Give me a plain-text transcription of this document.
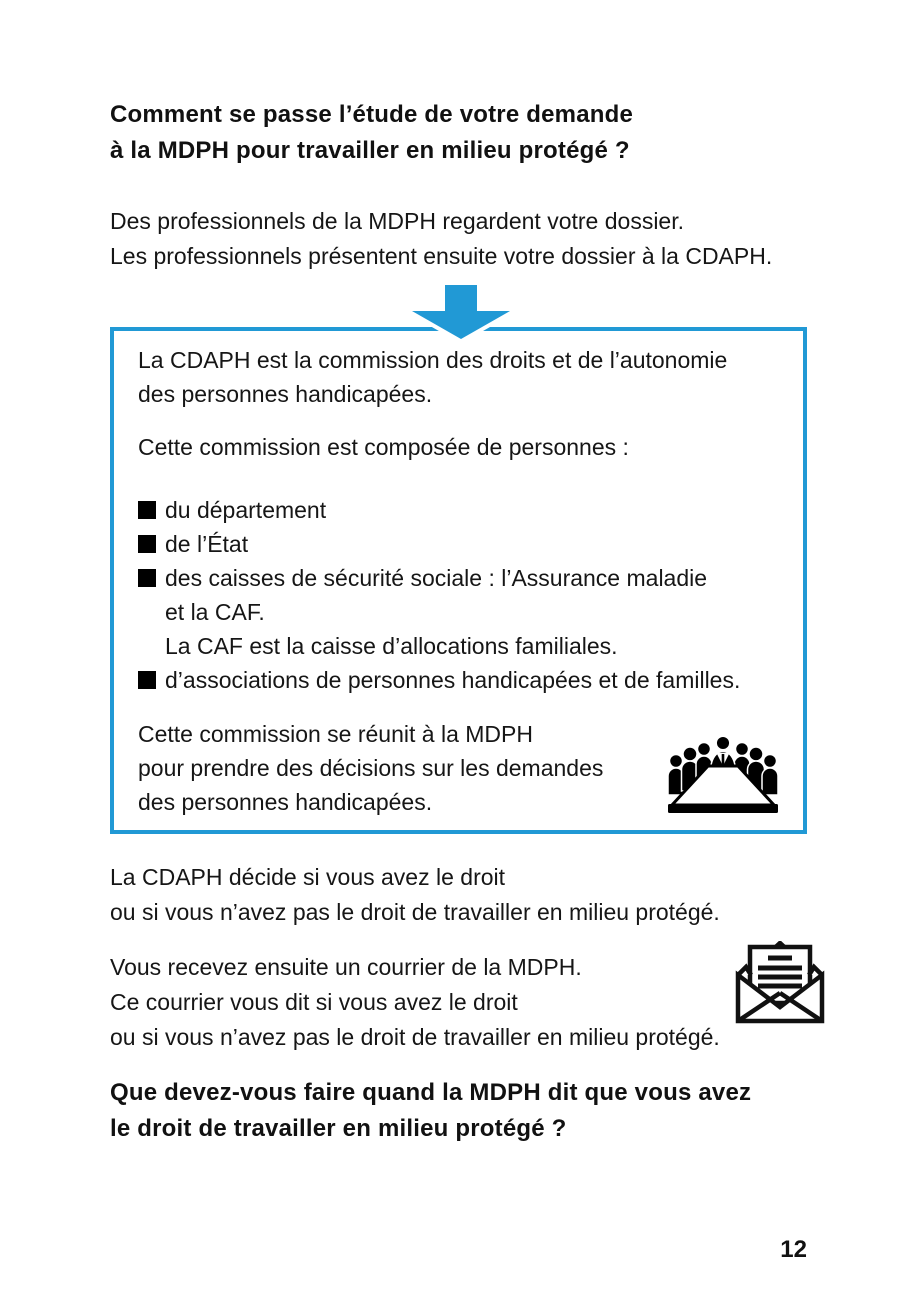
Comment se passe l’étude de votre demande
à la MDPH pour travailler en milieu protégé ?
Des professionnels de la MDPH regardent votre dossier.
Les professionnels présentent ensuite votre dossier à la CDAPH.
La CDAPH est la commission des droits et de l’autonomie
des personnes handicapées.
Cette commission est composée de personnes :
du département
de l’État
des caisses de sécurité sociale : l’Assurance maladie
et la CAF.
La CAF est la caisse d’allocations familiales.
d’associations de personnes handicapées et de familles.
Cette commission se réunit à la MDPH
pour prendre des décisions sur les demandes
des personnes handicapées.
La CDAPH décide si vous avez le droit
ou si vous n’avez pas le droit de travailler en milieu protégé.
Vous recevez ensuite un courrier de la MDPH.
Ce courrier vous dit si vous avez le droit
ou si vous n’avez pas le droit de travailler en milieu protégé.
Que devez-vous faire quand la MDPH dit que vous avez
le droit de travailler en milieu protégé ?
12
